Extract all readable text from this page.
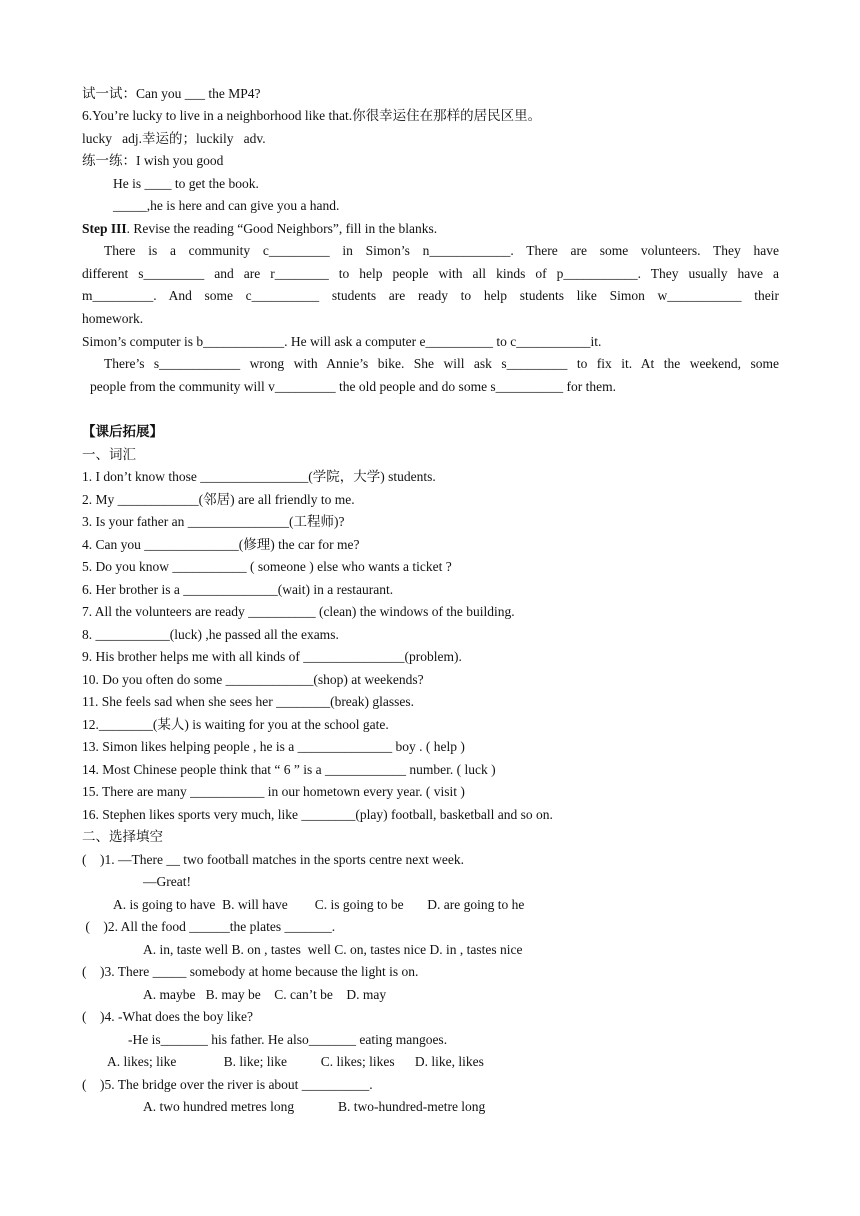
试一试：Can you ___ the MP4?
6.You’re lucky to live in a neighborhood like that.你很幸运住在那样的居民区里。
lucky   adj.幸运的；luckily   adv.
练一练：I wish you good
He is ____ to get the book.
_____,he is here and can give you a hand.
Step III. Revise the reading “Good Neighbors”, fill in the blanks.
There is a community c_________ in Simon’s n____________. There are some volunteers. They have
different s_________ and are r________ to help people with all kinds of p___________. They usually have a
m_________. And some c__________ students are ready to help students like Simon w___________ their
homework.
Simon’s computer is b____________. He will ask a computer e__________ to c___________it.
There’s s____________ wrong with Annie’s bike. She will ask s_________ to fix it. At the weekend, some
people from the community will v_________ the old people and do some s__________ for them.
【课后拓展】
一、词汇
1. I don’t know those ________________(学院，大学) students.
2. My ____________(邻居) are all friendly to me.
3. Is your father an _______________(工程师)?
4. Can you ______________(修理) the car for me?
5. Do you know ___________ ( someone ) else who wants a ticket ?
6. Her brother is a ______________(wait) in a restaurant.
7. All the volunteers are ready __________ (clean) the windows of the building.
8. ___________(luck) ,he passed all the exams.
9. His brother helps me with all kinds of _______________(problem).
10. Do you often do some _____________(shop) at weekends?
11. She feels sad when she sees her ________(break) glasses.
12.________(某人) is waiting for you at the school gate.
13. Simon likes helping people , he is a ______________ boy . ( help )
14. Most Chinese people think that “ 6 ” is a ____________ number. ( luck )
15. There are many ___________ in our hometown every year. ( visit )
16. Stephen likes sports very much, like ________(play) football, basketball and so on.
二、选择填空
(    )1. —There __ two football matches in the sports centre next week.
—Great!
A. is going to have  B. will have        C. is going to be       D. are going to he
(    )2. All the food ______the plates _______.
A. in, taste well B. on , tastes  well C. on, tastes nice D. in , tastes nice
(    )3. There _____ somebody at home because the light is on.
A. maybe   B. may be    C. can’t be    D. may
(    )4. -What does the boy like?
-He is_______ his father. He also_______ eating mangoes.
A. likes; like              B. like; like          C. likes; likes      D. like, likes
(    )5. The bridge over the river is about __________.
A. two hundred metres long             B. two-hundred-metre long
